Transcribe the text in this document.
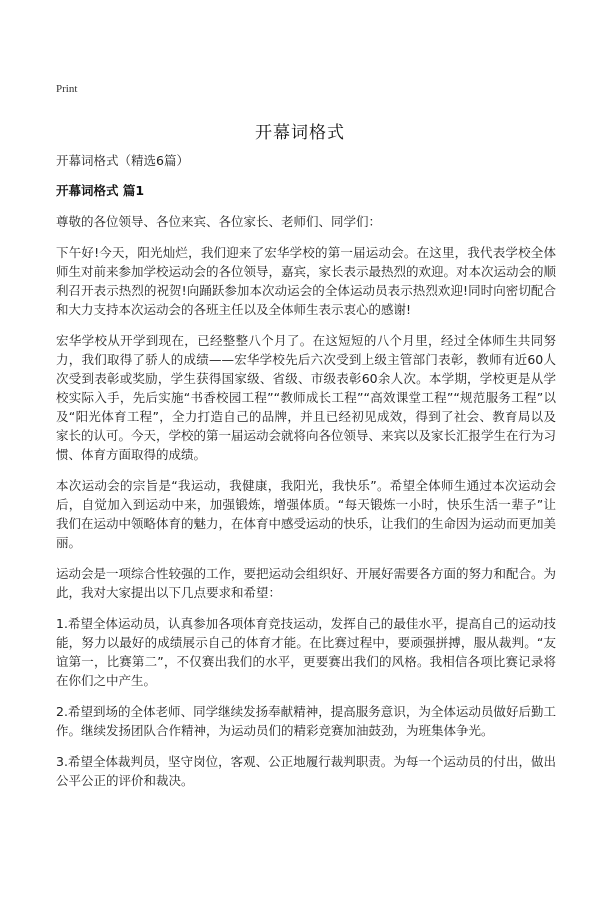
Print
开幕词格式

开幕词格式（精选6篇）

开幕词格式 篇1

尊敬的各位领导、各位来宾、各位家长、老师们、同学们：

下午好!今天，阳光灿烂，我们迎来了宏华学校的第一届运动会。在这里，我代表学校全体师生对前来参加学校运动会的各位领导，嘉宾，家长表示最热烈的欢迎。对本次运动会的顺利召开表示热烈的祝贺!向踊跃参加本次动运会的全体运动员表示热烈欢迎!同时向密切配合和大力支持本次运动会的各班主任以及全体师生表示衷心的感谢!

宏华学校从开学到现在，已经整整八个月了。在这短短的八个月里，经过全体师生共同努力，我们取得了骄人的成绩——宏华学校先后六次受到上级主管部门表彰，教师有近60人次受到表彰或奖励，学生获得国家级、省级、市级表彰60余人次。本学期，学校更是从学校实际入手，先后实施“书香校园工程”“教师成长工程”“高效课堂工程”“规范服务工程”以及“阳光体育工程”，全力打造自己的品牌，并且已经初见成效，得到了社会、教育局以及家长的认可。今天，学校的第一届运动会就将向各位领导、来宾以及家长汇报学生在行为习惯、体育方面取得的成绩。

本次运动会的宗旨是“我运动，我健康，我阳光，我快乐”。希望全体师生通过本次运动会后，自觉加入到运动中来，加强锻炼，增强体质。“每天锻炼一小时，快乐生活一辈子”让我们在运动中领略体育的魅力，在体育中感受运动的快乐，让我们的生命因为运动而更加美丽。

运动会是一项综合性较强的工作，要把运动会组织好、开展好需要各方面的努力和配合。为此，我对大家提出以下几点要求和希望：

1.希望全体运动员，认真参加各项体育竞技运动，发挥自己的最佳水平，提高自己的运动技能，努力以最好的成绩展示自己的体育才能。在比赛过程中，要顽强拼搏，服从裁判。“友谊第一，比赛第二”，不仅赛出我们的水平，更要赛出我们的风格。我相信各项比赛记录将在你们之中产生。

2.希望到场的全体老师、同学继续发扬奉献精神，提高服务意识，为全体运动员做好后勤工作。继续发扬团队合作精神，为运动员们的精彩竞赛加油鼓劲，为班集体争光。

3.希望全体裁判员，坚守岗位，客观、公正地履行裁判职责。为每一个运动员的付出，做出公平公正的评价和裁决。
